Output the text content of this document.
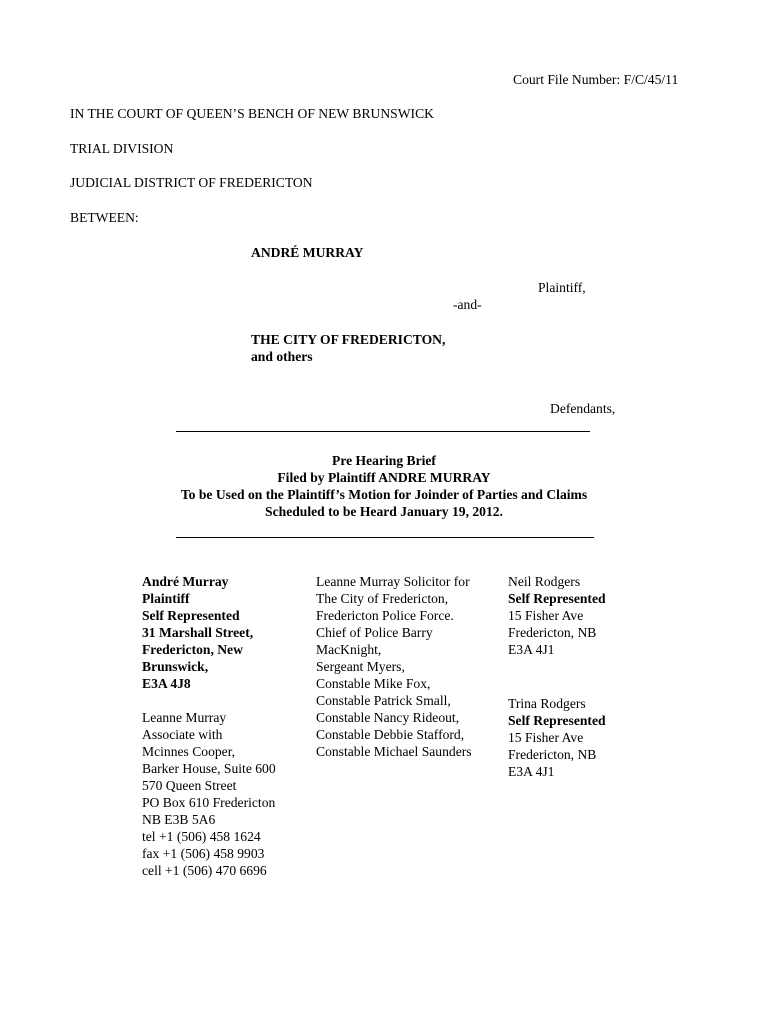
Court File Number: F/C/45/11
IN THE COURT OF QUEEN’S BENCH OF NEW BRUNSWICK
TRIAL DIVISION
JUDICIAL DISTRICT OF FREDERICTON
BETWEEN:
ANDRÉ MURRAY
Plaintiff,
-and-
THE CITY OF FREDERICTON,
and others
Defendants,
Pre Hearing Brief
Filed by Plaintiff ANDRE MURRAY
To be Used on the Plaintiff’s Motion for Joinder of Parties and Claims
Scheduled to be Heard January 19, 2012.
André Murray
Plaintiff
Self Represented
31 Marshall Street,
Fredericton, New
Brunswick,
E3A 4J8
Leanne Murray
Associate with
Mcinnes Cooper,
Barker House, Suite 600
570 Queen Street
PO Box 610 Fredericton
NB E3B 5A6
tel +1 (506) 458 1624
fax +1 (506) 458 9903
cell +1 (506) 470 6696
Leanne Murray Solicitor for
The City of Fredericton,
Fredericton Police Force.
Chief of Police Barry
MacKnight,
Sergeant Myers,
Constable Mike Fox,
Constable Patrick Small,
Constable Nancy Rideout,
Constable Debbie Stafford,
Constable Michael Saunders
Neil Rodgers
Self Represented
15 Fisher Ave
Fredericton, NB
E3A 4J1
Trina Rodgers
Self Represented
15 Fisher Ave
Fredericton, NB
E3A 4J1
